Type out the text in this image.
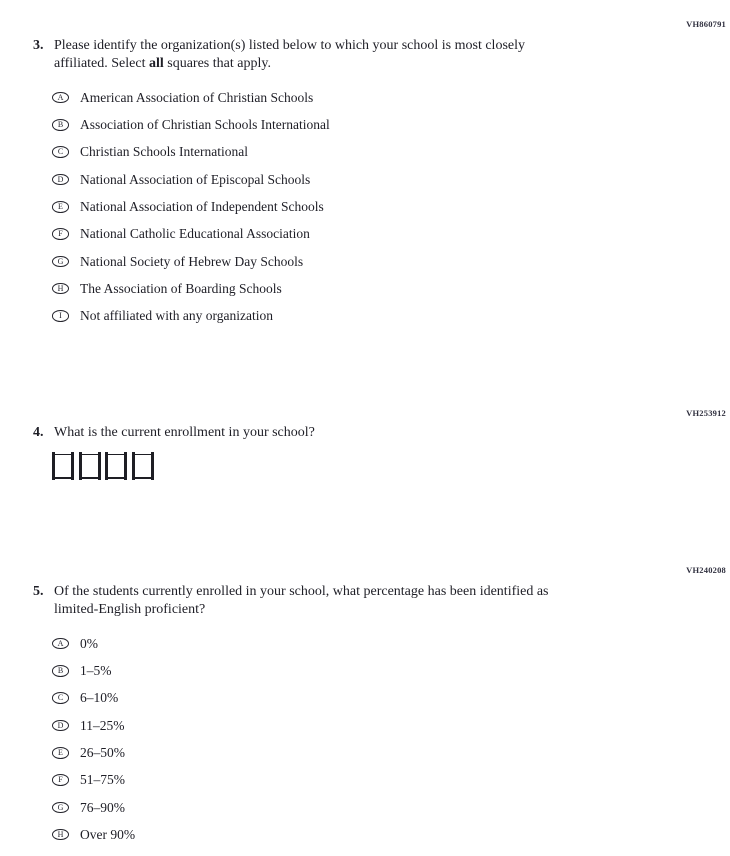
VH860791
VH253912
VH240208
3. Please identify the organization(s) listed below to which your school is most closely affiliated. Select all squares that apply.
A	American Association of Christian Schools
B	Association of Christian Schools International
C	Christian Schools International
D	National Association of Episcopal Schools
E	National Association of Independent Schools
F	National Catholic Educational Association
G	National Society of Hebrew Day Schools
H	The Association of Boarding Schools
I	Not affiliated with any organization
4. What is the current enrollment in your school?
5. Of the students currently enrolled in your school, what percentage has been identified as limited-English proficient?
A	0%
B	1–5%
C	6–10%
D	11–25%
E	26–50%
F	51–75%
G	76–90%
H	Over 90%
